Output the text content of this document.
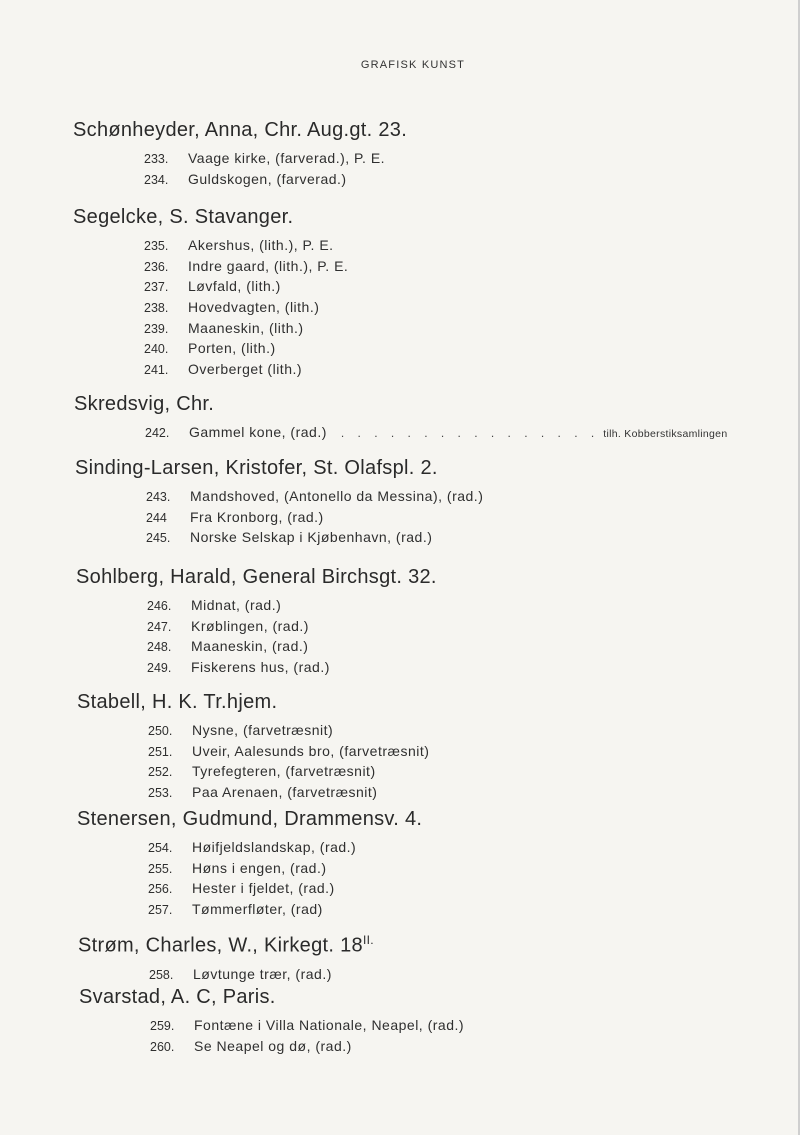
GRAFISK KUNST
Schønheyder, Anna, Chr. Aug.gt. 23.
233. Vaage kirke, (farverad.), P. E.
234. Guldskogen, (farverad.)
Segelcke, S. Stavanger.
235. Akershus, (lith.), P. E.
236. Indre gaard, (lith.), P. E.
237. Løvfald, (lith.)
238. Hovedvagten, (lith.)
239. Maaneskin, (lith.)
240. Porten, (lith.)
241. Overberget (lith.)
Skredsvig, Chr.
242. Gammel kone, (rad.) . . . . . . . . . . . . . . . . tilh. Kobberstiksamlingen
Sinding-Larsen, Kristofer, St. Olafspl. 2.
243. Mandshoved, (Antonello da Messina), (rad.)
244 Fra Kronborg, (rad.)
245. Norske Selskap i Kjøbenhavn, (rad.)
Sohlberg, Harald, General Birchsgt. 32.
246. Midnat, (rad.)
247. Krøblingen, (rad.)
248. Maaneskin, (rad.)
249. Fiskerens hus, (rad.)
Stabell, H. K. Tr.hjem.
250. Nysne, (farvetræsnit)
251. Uveir, Aalesunds bro, (farvetræsnit)
252. Tyrefegteren, (farvetræsnit)
253. Paa Arenaen, (farvetræsnit)
Stenersen, Gudmund, Drammensv. 4.
254. Høifjeldslandskap, (rad.)
255. Høns i engen, (rad.)
256. Hester i fjeldet, (rad.)
257. Tømmerfløter, (rad)
Strøm, Charles, W., Kirkegt. $18^{II.}$
258. Løvtunge trær, (rad.)
Svarstad, A. C, Paris.
259. Fontæne i Villa Nationale, Neapel, (rad.)
260. Se Neapel og dø, (rad.)
